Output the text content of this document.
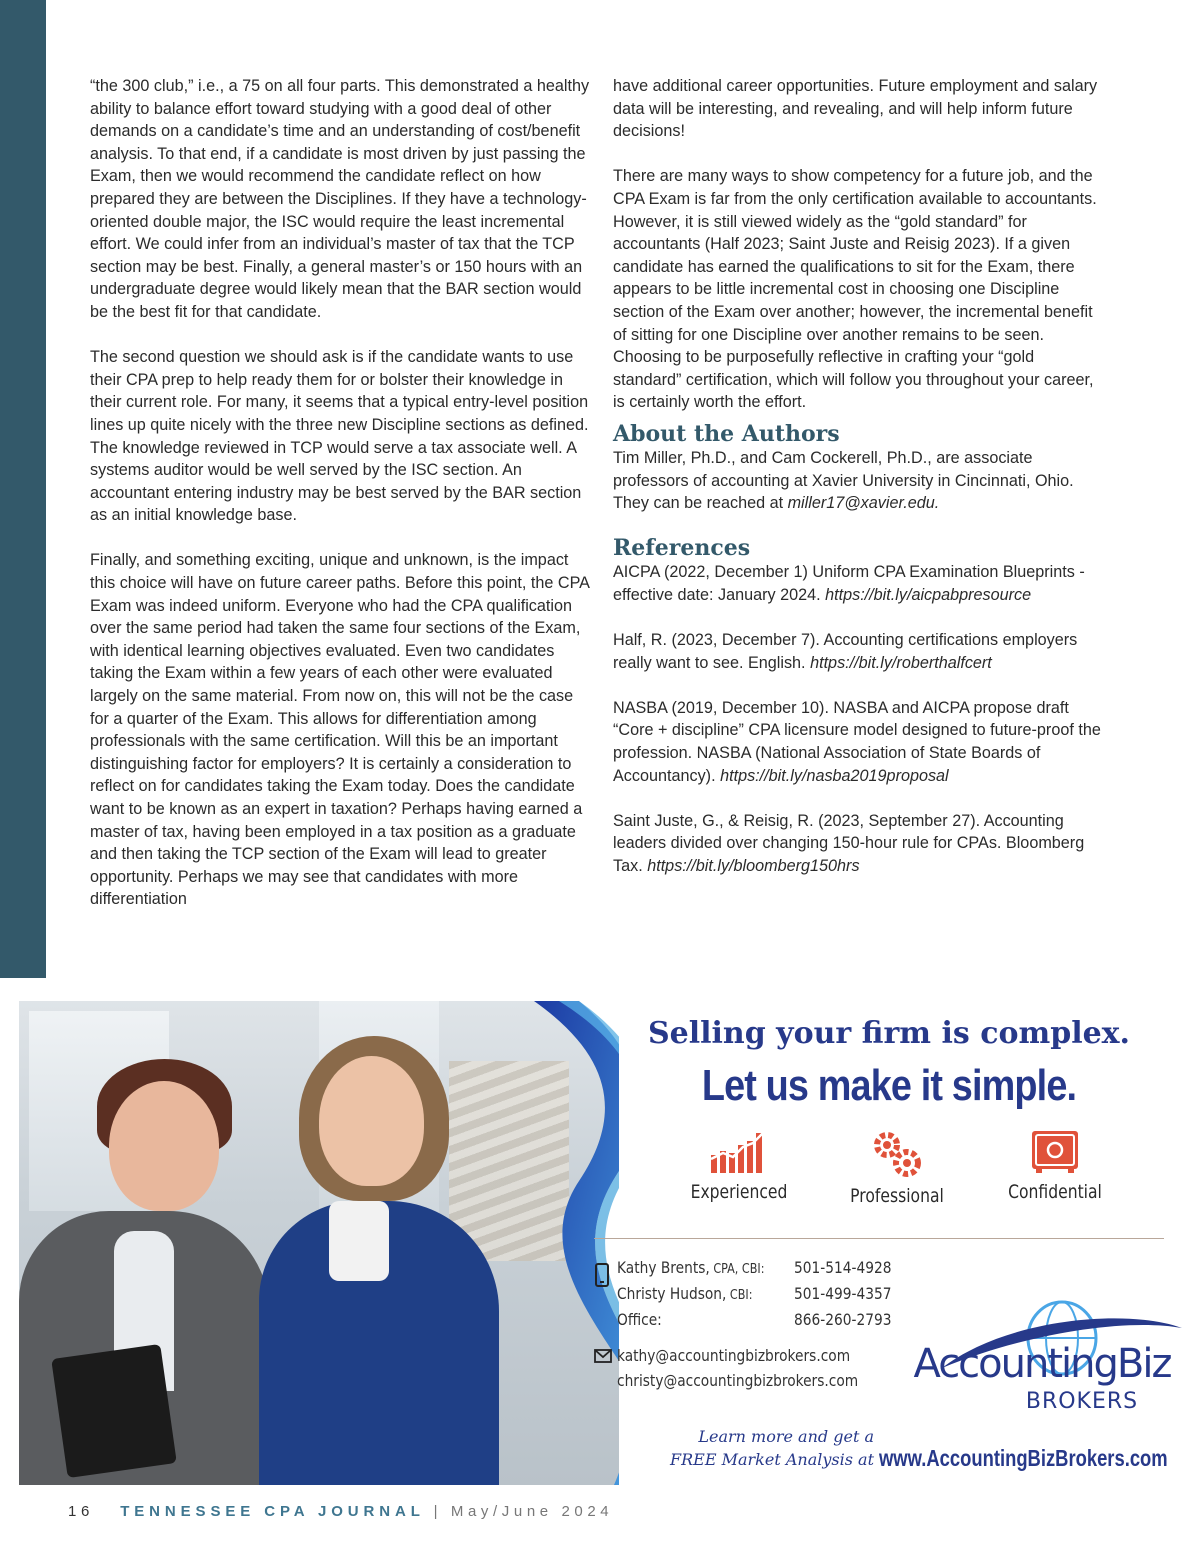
“the 300 club,” i.e., a 75 on all four parts. This demonstrated a healthy ability to balance effort toward studying with a good deal of other demands on a candidate’s time and an understanding of cost/benefit analysis. To that end, if a candidate is most driven by just passing the Exam, then we would recommend the candidate reflect on how prepared they are between the Disciplines. If they have a technology-oriented double major, the ISC would require the least incremental effort. We could infer from an individual’s master of tax that the TCP section may be best. Finally, a general master’s or 150 hours with an undergraduate degree would likely mean that the BAR section would be the best fit for that candidate.

The second question we should ask is if the candidate wants to use their CPA prep to help ready them for or bolster their knowledge in their current role. For many, it seems that a typical entry-level position lines up quite nicely with the three new Discipline sections as defined. The knowledge reviewed in TCP would serve a tax associate well. A systems auditor would be well served by the ISC section. An accountant entering industry may be best served by the BAR section as an initial knowledge base.

Finally, and something exciting, unique and unknown, is the impact this choice will have on future career paths. Before this point, the CPA Exam was indeed uniform. Everyone who had the CPA qualification over the same period had taken the same four sections of the Exam, with identical learning objectives evaluated. Even two candidates taking the Exam within a few years of each other were evaluated largely on the same material. From now on, this will not be the case for a quarter of the Exam. This allows for differentiation among professionals with the same certification. Will this be an important distinguishing factor for employers? It is certainly a consideration to reflect on for candidates taking the Exam today. Does the candidate want to be known as an expert in taxation? Perhaps having earned a master of tax, having been employed in a tax position as a graduate and then taking the TCP section of the Exam will lead to greater opportunity. Perhaps we may see that candidates with more differentiation

have additional career opportunities. Future employment and salary data will be interesting, and revealing, and will help inform future decisions!

There are many ways to show competency for a future job, and the CPA Exam is far from the only certification available to accountants. However, it is still viewed widely as the “gold standard” for accountants (Half 2023; Saint Juste and Reisig 2023). If a given candidate has earned the qualifications to sit for the Exam, there appears to be little incremental cost in choosing one Discipline section of the Exam over another; however, the incremental benefit of sitting for one Discipline over another remains to be seen. Choosing to be purposefully reflective in crafting your “gold standard” certification, which will follow you throughout your career, is certainly worth the effort.

About the Authors

Tim Miller, Ph.D., and Cam Cockerell, Ph.D., are associate professors of accounting at Xavier University in Cincinnati, Ohio. They can be reached at miller17@xavier.edu.

References

AICPA (2022, December 1) Uniform CPA Examination Blueprints - effective date: January 2024. https://bit.ly/aicpabpresource

Half, R. (2023, December 7). Accounting certifications employers really want to see. English. https://bit.ly/roberthalfcert

NASBA (2019, December 10). NASBA and AICPA propose draft “Core + discipline” CPA licensure model designed to future-proof the profession. NASBA (National Association of State Boards of Accountancy). https://bit.ly/nasba2019proposal

Saint Juste, G., & Reisig, R. (2023, September 27). Accounting leaders divided over changing 150-hour rule for CPAs. Bloomberg Tax. https://bit.ly/bloomberg150hrs

Selling your firm is complex.
Let us make it simple.
Experienced	Professional	Confidential
Kathy Brents, CPA, CBI: 501-514-4928
Christy Hudson, CBI:	501-499-4357
Office:	866-260-2793
kathy@accountingbizbrokers.com
christy@accountingbizbrokers.com	AccountingBiz
BROKERS
Learn more and get a
FREE Market Analysis at www.AccountingBizBrokers.com
16 TENNESSEE CPA JOURNAL | May/June 2024
